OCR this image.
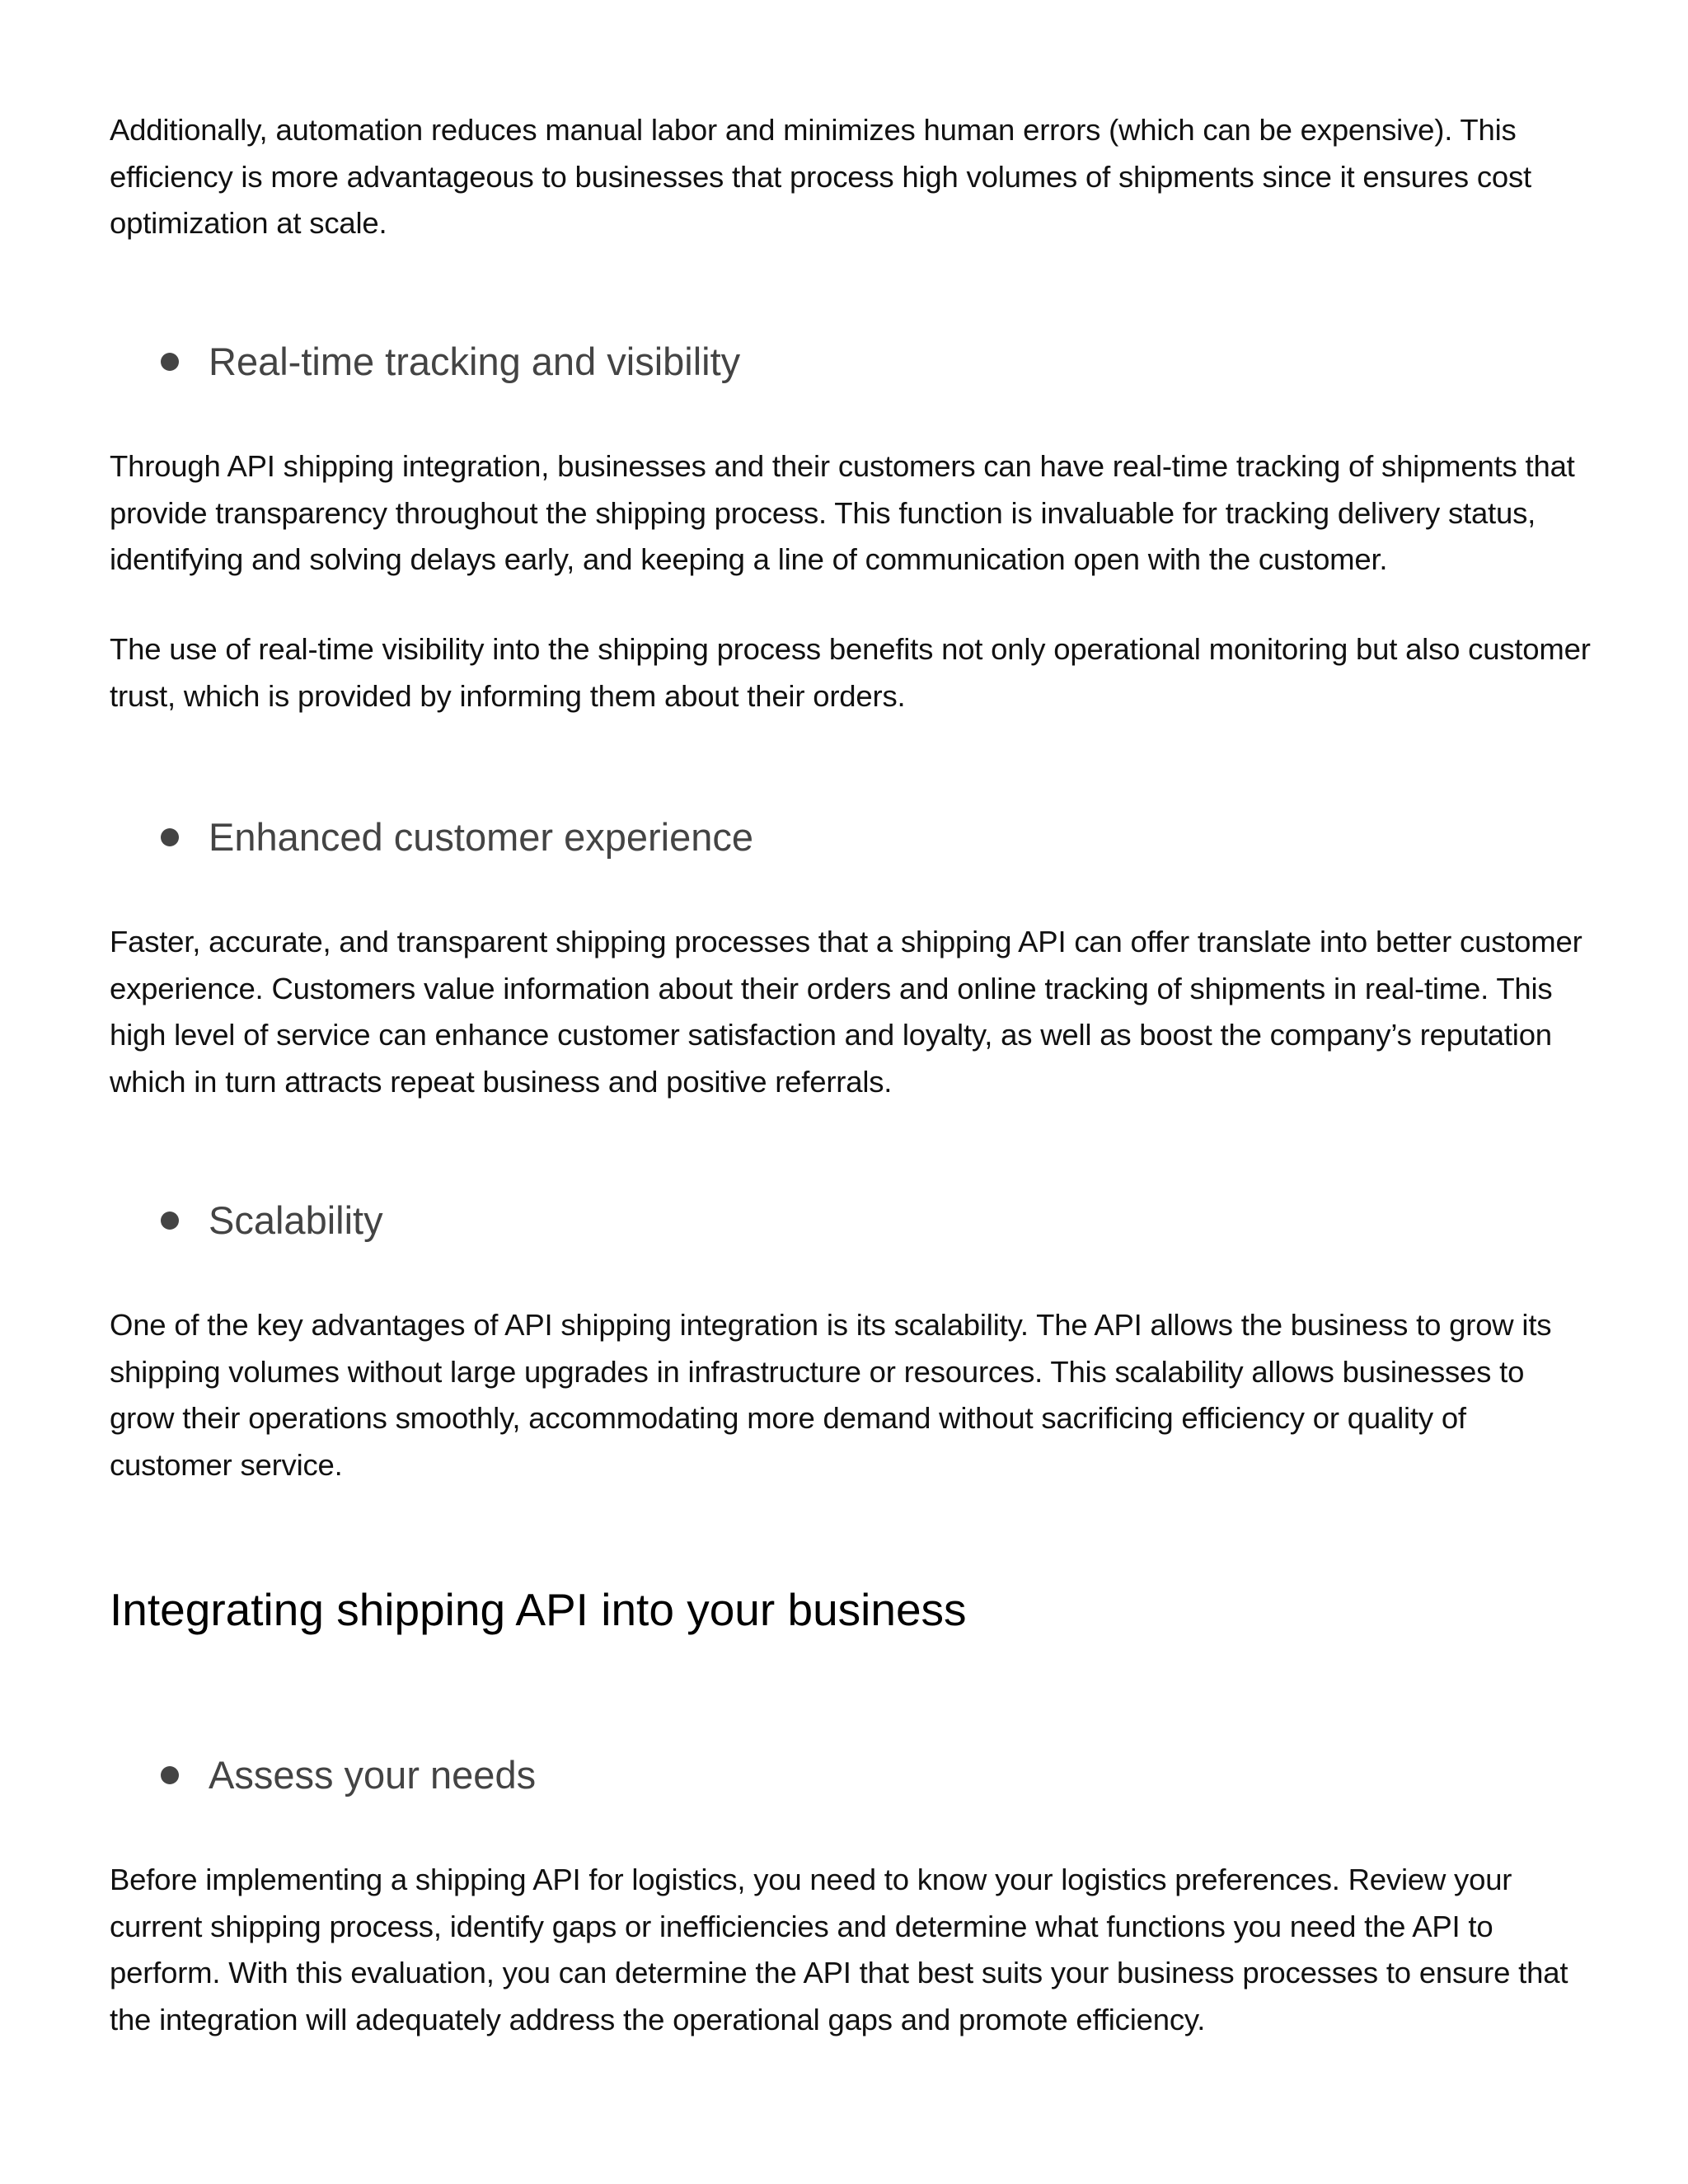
Additionally, automation reduces manual labor and minimizes human errors (which can be expensive). This efficiency is more advantageous to businesses that process high volumes of shipments since it ensures cost optimization at scale.

Real-time tracking and visibility

Through API shipping integration, businesses and their customers can have real-time tracking of shipments that provide transparency throughout the shipping process. This function is invaluable for tracking delivery status, identifying and solving delays early, and keeping a line of communication open with the customer.

The use of real-time visibility into the shipping process benefits not only operational monitoring but also customer trust, which is provided by informing them about their orders.

Enhanced customer experience

Faster, accurate, and transparent shipping processes that a shipping API can offer translate into better customer experience. Customers value information about their orders and online tracking of shipments in real-time. This high level of service can enhance customer satisfaction and loyalty, as well as boost the company’s reputation which in turn attracts repeat business and positive referrals.

Scalability

One of the key advantages of API shipping integration is its scalability. The API allows the business to grow its shipping volumes without large upgrades in infrastructure or resources. This scalability allows businesses to grow their operations smoothly, accommodating more demand without sacrificing efficiency or quality of customer service.

Integrating shipping API into your business
Assess your needs

Before implementing a shipping API for logistics, you need to know your logistics preferences. Review your current shipping process, identify gaps or inefficiencies and determine what functions you need the API to perform. With this evaluation, you can determine the API that best suits your business processes to ensure that the integration will adequately address the operational gaps and promote efficiency.
